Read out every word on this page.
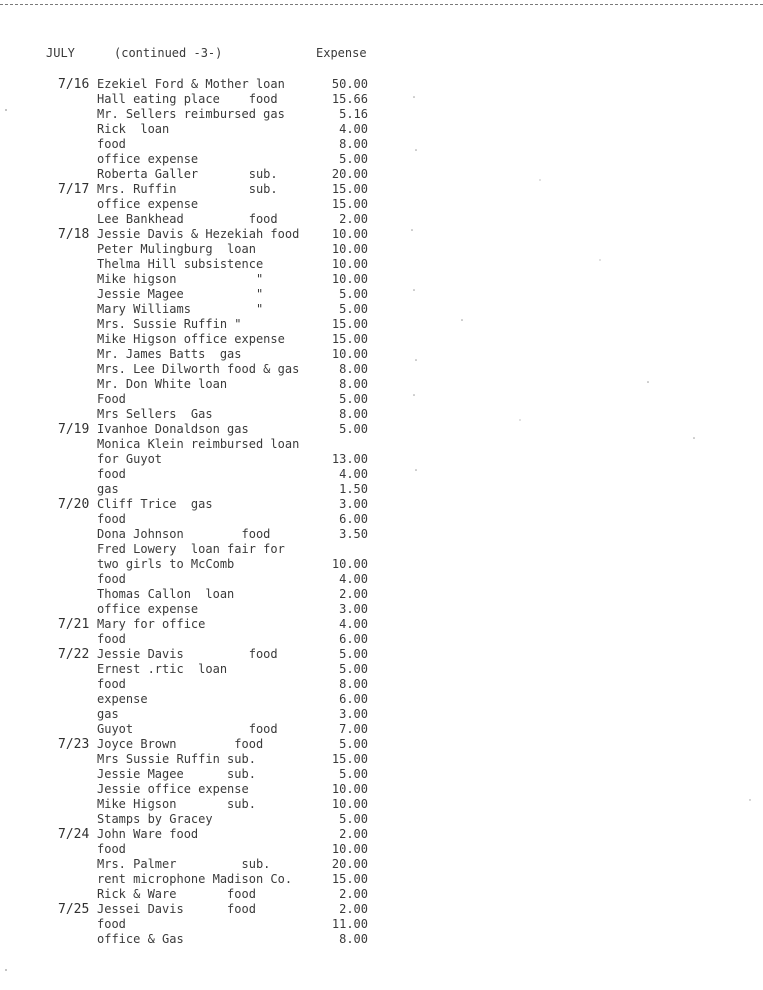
JULY	(continued -3-)	Expense
7/16 Ezekiel Ford & Mother loan	50.00
Hall eating place    food	15.66
Mr. Sellers reimbursed gas	5.16
Rick  loan	4.00
food	8.00
office expense	5.00
Roberta Galler       sub.	20.00
7/17 Mrs. Ruffin          sub.	15.00
office expense	15.00
Lee Bankhead         food	2.00
7/18 Jessie Davis & Hezekiah food	10.00
Peter Mulingburg  loan	10.00
Thelma Hill subsistence	10.00
Mike higson           "	10.00
Jessie Magee          "	5.00
Mary Williams         "	5.00
Mrs. Sussie Ruffin "	15.00
Mike Higson office expense	15.00
Mr. James Batts  gas	10.00
Mrs. Lee Dilworth food & gas	8.00
Mr. Don White loan	8.00
Food	5.00
Mrs Sellers  Gas	8.00
7/19 Ivanhoe Donaldson gas	5.00
Monica Klein reimbursed loan
for Guyot	13.00
food	4.00
gas	1.50
7/20 Cliff Trice  gas	3.00
food	6.00
Dona Johnson        food	3.50
Fred Lowery  loan fair for
two girls to McComb	10.00
food	4.00
Thomas Callon  loan	2.00
office expense	3.00
7/21 Mary for office	4.00
food	6.00
7/22 Jessie Davis         food	5.00
Ernest .rtic  loan	5.00
food	8.00
expense	6.00
gas	3.00
Guyot                food	7.00
7/23 Joyce Brown        food	5.00
Mrs Sussie Ruffin sub.	15.00
Jessie Magee      sub.	5.00
Jessie office expense	10.00
Mike Higson       sub.	10.00
Stamps by Gracey	5.00
7/24 John Ware food	2.00
food	10.00
Mrs. Palmer         sub.	20.00
rent microphone Madison Co.	15.00
Rick & Ware       food	2.00
7/25 Jessei Davis      food	2.00
food	11.00
office & Gas	8.00
